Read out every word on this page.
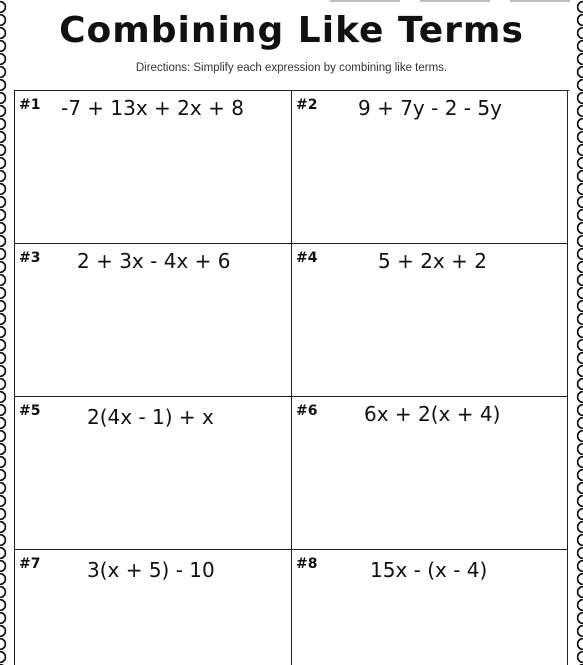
Combining Like Terms
Directions: Simplify each expression by combining like terms.
#1 -7 + 13x + 2x + 8	#2 9 + 7y - 2 - 5y
#3 2 + 3x - 4x + 6	#4	5 + 2x + 2
#5 2(4x - 1) + x	#6 6x + 2(x + 4)
#7 3(x + 5) - 10	#8	15x - (x - 4)
